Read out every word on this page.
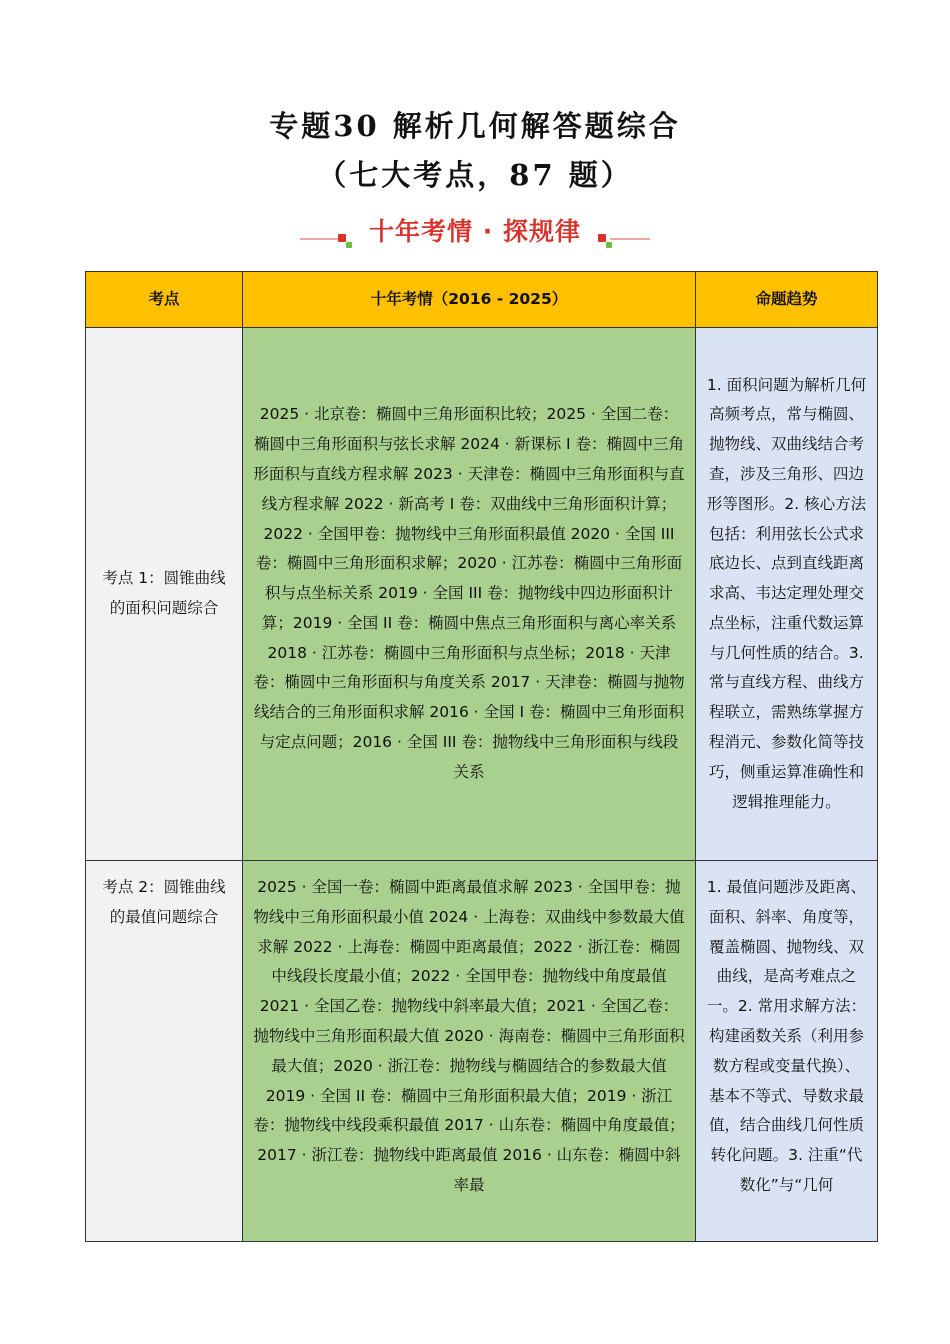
专题30 解析几何解答题综合
（七大考点，87 题）
十年考情 · 探规律
考点	十年考情（2016 - 2025）	命题趋势
考点 1：圆锥曲线的面积问题综合	2025 · 北京卷：椭圆中三角形面积比较；2025 · 全国二卷：椭圆中三角形面积与弦长求解 2024 · 新课标 I 卷：椭圆中三角形面积与直线方程求解 2023 · 天津卷：椭圆中三角形面积与直线方程求解 2022 · 新高考 I 卷：双曲线中三角形面积计算；2022 · 全国甲卷：抛物线中三角形面积最值 2020 · 全国 III 卷：椭圆中三角形面积求解；2020 · 江苏卷：椭圆中三角形面积与点坐标关系 2019 · 全国 III 卷：抛物线中四边形面积计算；2019 · 全国 II 卷：椭圆中焦点三角形面积与离心率关系 2018 · 江苏卷：椭圆中三角形面积与点坐标；2018 · 天津卷：椭圆中三角形面积与角度关系 2017 · 天津卷：椭圆与抛物线结合的三角形面积求解 2016 · 全国 I 卷：椭圆中三角形面积与定点问题；2016 · 全国 III 卷：抛物线中三角形面积与线段关系	1. 面积问题为解析几何高频考点，常与椭圆、抛物线、双曲线结合考查，涉及三角形、四边形等图形。2. 核心方法包括：利用弦长公式求底边长、点到直线距离求高、韦达定理处理交点坐标，注重代数运算与几何性质的结合。3. 常与直线方程、曲线方程联立，需熟练掌握方程消元、参数化简等技巧，侧重运算准确性和逻辑推理能力。
考点 2：圆锥曲线的最值问题综合	2025 · 全国一卷：椭圆中距离最值求解 2023 · 全国甲卷：抛物线中三角形面积最小值 2024 · 上海卷：双曲线中参数最大值求解 2022 · 上海卷：椭圆中距离最值；2022 · 浙江卷：椭圆中线段长度最小值；2022 · 全国甲卷：抛物线中角度最值 2021 · 全国乙卷：抛物线中斜率最大值；2021 · 全国乙卷：抛物线中三角形面积最大值 2020 · 海南卷：椭圆中三角形面积最大值；2020 · 浙江卷：抛物线与椭圆结合的参数最大值 2019 · 全国 II 卷：椭圆中三角形面积最大值；2019 · 浙江卷：抛物线中线段乘积最值 2017 · 山东卷：椭圆中角度最值；2017 · 浙江卷：抛物线中距离最值 2016 · 山东卷：椭圆中斜率最	1. 最值问题涉及距离、面积、斜率、角度等，覆盖椭圆、抛物线、双曲线，是高考难点之一。2. 常用求解方法：构建函数关系（利用参数方程或变量代换）、基本不等式、导数求最值，结合曲线几何性质转化问题。3. 注重“代数化”与“几何
